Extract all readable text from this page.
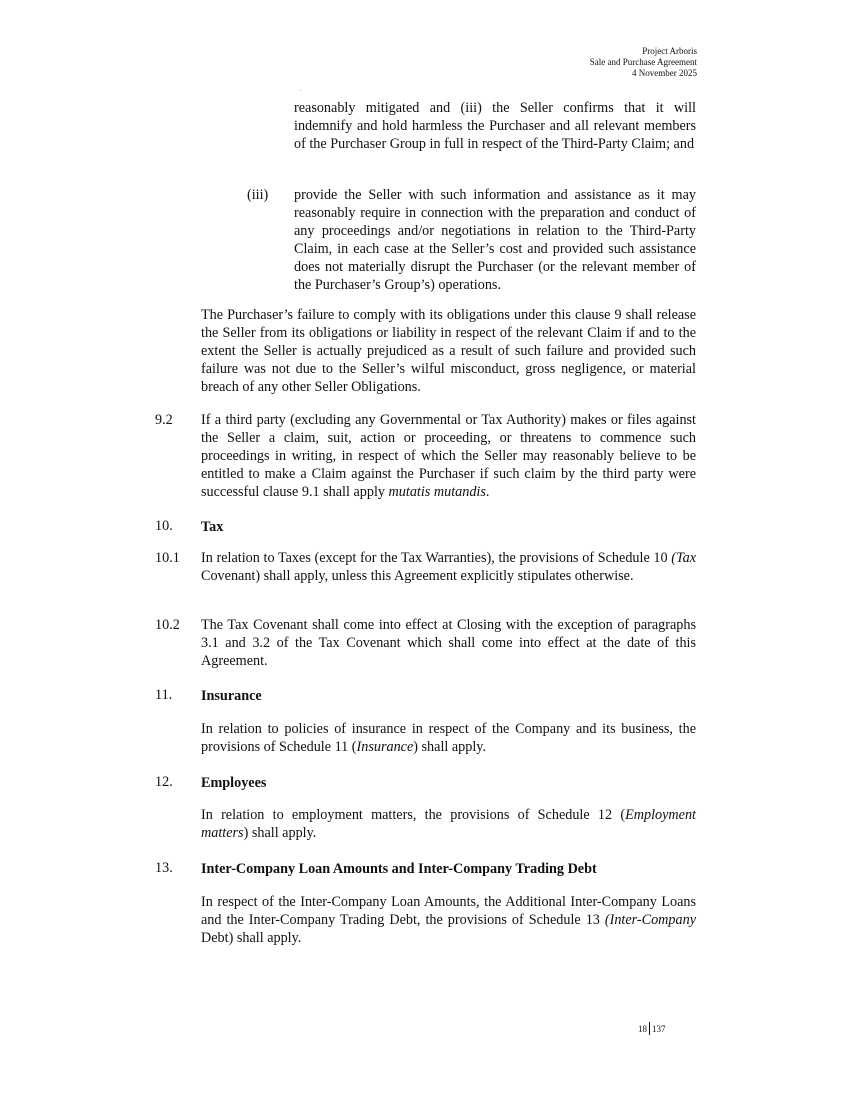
Project Arboris
Sale and Purchase Agreement
4 November 2025
.

reasonably mitigated and (iii) the Seller confirms that it will indemnify and hold harmless the Purchaser and all relevant members of the Purchaser Group in full in respect of the Third-Party Claim; and

(iii) provide the Seller with such information and assistance as it may reasonably require in connection with the preparation and conduct of any proceedings and/or negotiations in relation to the Third-Party Claim, in each case at the Seller’s cost and provided such assistance does not materially disrupt the Purchaser (or the relevant member of the Purchaser’s Group’s) operations.

The Purchaser’s failure to comply with its obligations under this clause 9 shall release the Seller from its obligations or liability in respect of the relevant Claim if and to the extent the Seller is actually prejudiced as a result of such failure and provided such failure was not due to the Seller’s wilful misconduct, gross negligence, or material breach of any other Seller Obligations.

9.2 If a third party (excluding any Governmental or Tax Authority) makes or files against the Seller a claim, suit, action or proceeding, or threatens to commence such proceedings in writing, in respect of which the Seller may reasonably believe to be entitled to make a Claim against the Purchaser if such claim by the third party were successful clause 9.1 shall apply mutatis mutandis.

10. Tax

10.1 In relation to Taxes (except for the Tax Warranties), the provisions of Schedule 10 (Tax Covenant) shall apply, unless this Agreement explicitly stipulates otherwise.

10.2 The Tax Covenant shall come into effect at Closing with the exception of paragraphs 3.1 and 3.2 of the Tax Covenant which shall come into effect at the date of this Agreement.

11. Insurance

In relation to policies of insurance in respect of the Company and its business, the provisions of Schedule 11 (Insurance) shall apply.

12. Employees

In relation to employment matters, the provisions of Schedule 12 (Employment matters) shall apply.

13. Inter-Company Loan Amounts and Inter-Company Trading Debt

In respect of the Inter-Company Loan Amounts, the Additional Inter-Company Loans and the Inter-Company Trading Debt, the provisions of Schedule 13 (Inter-Company Debt) shall apply.

18 137
